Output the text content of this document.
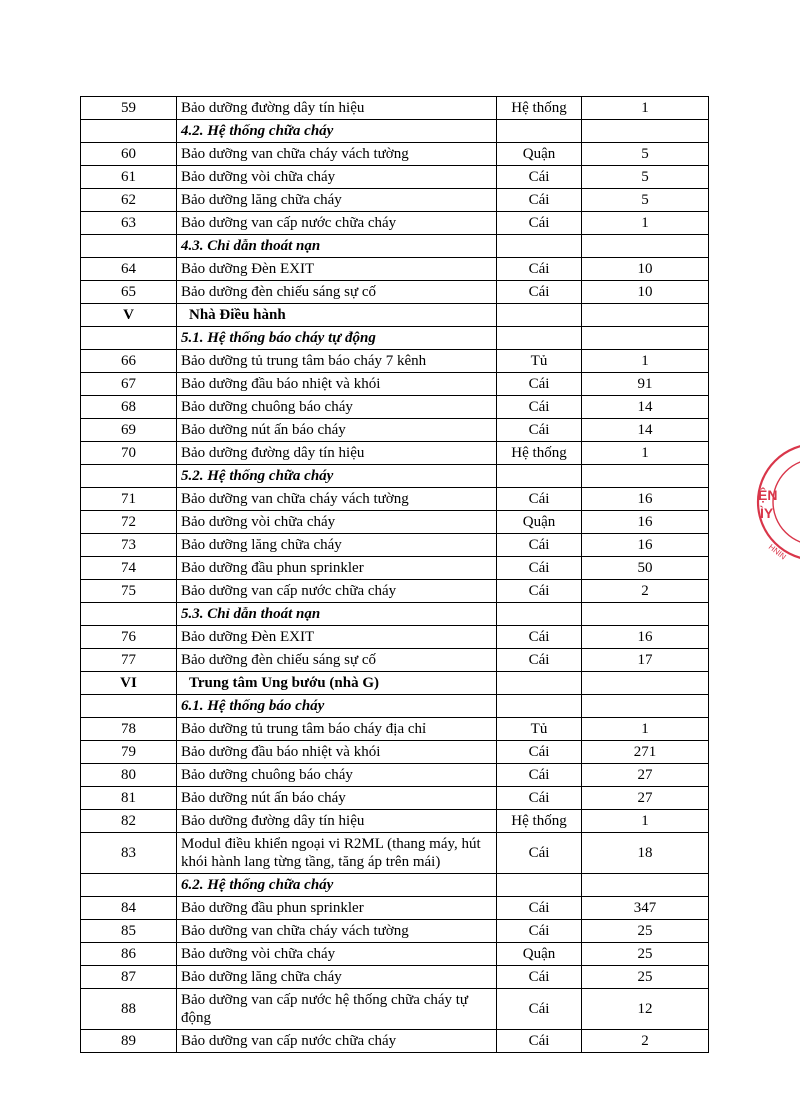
59	Bảo dưỡng đường dây tín hiệu	Hệ thống	1
	4.2. Hệ thống chữa cháy		
60	Bảo dưỡng van chữa cháy vách tường	Quận	5
61	Bảo dưỡng vòi chữa cháy	Cái	5
62	Bảo dưỡng lăng chữa cháy	Cái	5
63	Bảo dưỡng van cấp nước chữa cháy	Cái	1
	4.3. Chỉ dẫn thoát nạn		
64	Bảo dưỡng Đèn EXIT	Cái	10
65	Bảo dưỡng đèn chiếu sáng sự cố	Cái	10
V	Nhà Điều hành		
	5.1. Hệ thống báo cháy tự động		
66	Bảo dưỡng tủ trung tâm báo cháy 7 kênh	Tủ	1
67	Bảo dưỡng đầu báo nhiệt và khói	Cái	91
68	Bảo dưỡng chuông báo cháy	Cái	14
69	Bảo dưỡng nút ấn báo cháy	Cái	14
70	Bảo dưỡng đường dây tín hiệu	Hệ thống	1
	5.2. Hệ thống chữa cháy		
71	Bảo dưỡng van chữa cháy vách tường	Cái	16
72	Bảo dưỡng vòi chữa cháy	Quận	16
73	Bảo dưỡng lăng chữa cháy	Cái	16
74	Bảo dưỡng đầu phun sprinkler	Cái	50
75	Bảo dưỡng van cấp nước chữa cháy	Cái	2
	5.3. Chỉ dẫn thoát nạn		
76	Bảo dưỡng Đèn EXIT	Cái	16
77	Bảo dưỡng đèn chiếu sáng sự cố	Cái	17
VI	Trung tâm Ung bướu (nhà G)		
	6.1. Hệ thống báo cháy		
78	Bảo dưỡng tủ trung tâm báo cháy địa chỉ	Tủ	1
79	Bảo dưỡng đầu báo nhiệt và khói	Cái	271
80	Bảo dưỡng chuông báo cháy	Cái	27
81	Bảo dưỡng nút ấn báo cháy	Cái	27
82	Bảo dưỡng đường dây tín hiệu	Hệ thống	1
83	Modul điều khiển ngoại vi R2ML (thang máy, hút khói hành lang từng tầng, tăng áp trên mái)	Cái	18
	6.2. Hệ thống chữa cháy		
84	Bảo dưỡng đầu phun sprinkler	Cái	347
85	Bảo dưỡng van chữa cháy vách tường	Cái	25
86	Bảo dưỡng vòi chữa cháy	Quận	25
87	Bảo dưỡng lăng chữa cháy	Cái	25
88	Bảo dưỡng van cấp nước hệ thống chữa cháy tự động	Cái	12
89	Bảo dưỡng van cấp nước chữa cháy	Cái	2
ỆN
ÌY
HNIN
